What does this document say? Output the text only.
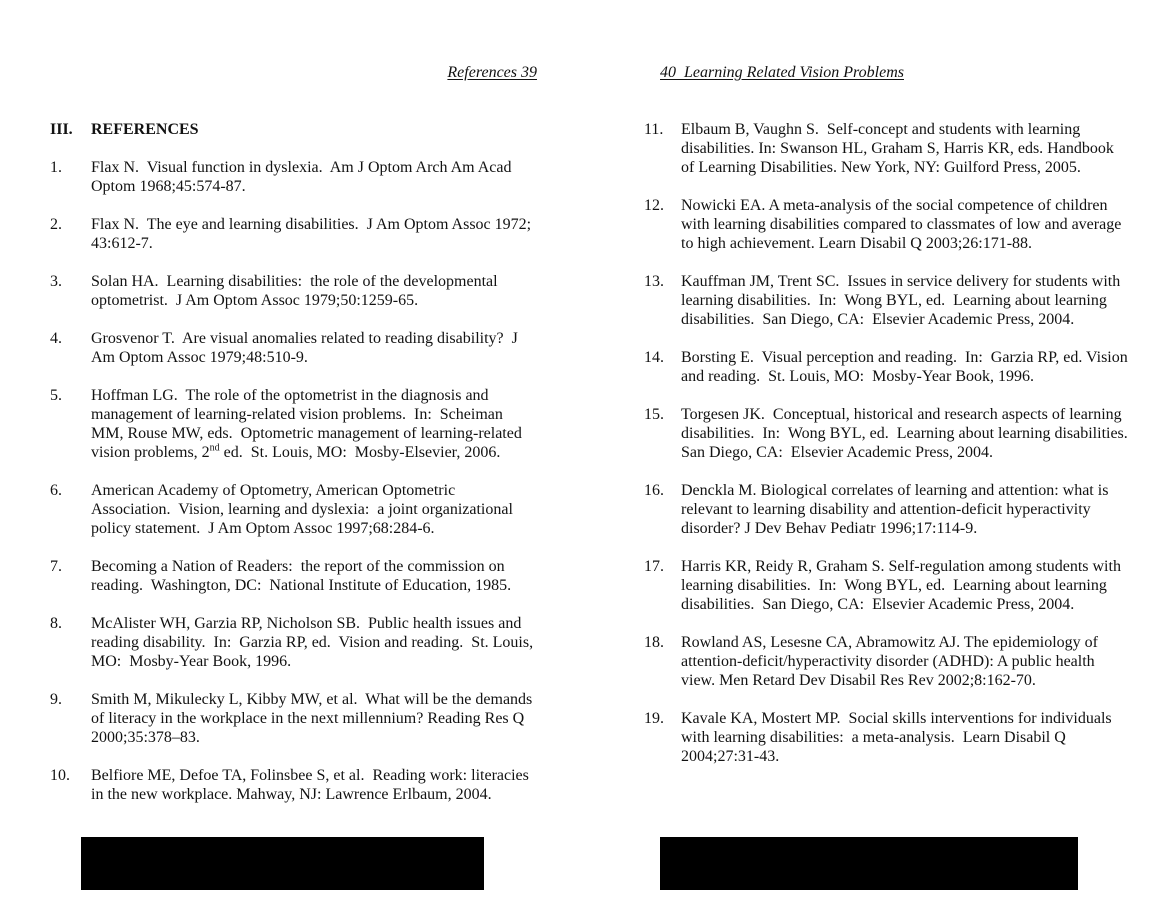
References 39

III.	REFERENCES
1.	Flax N.  Visual function in dyslexia.  Am J Optom Arch Am Acad Optom 1968;45:574-87.
2.	Flax N.  The eye and learning disabilities.  J Am Optom Assoc 1972; 43:612-7.
3.	Solan HA.  Learning disabilities:  the role of the developmental optometrist.  J Am Optom Assoc 1979;50:1259-65.
4.	Grosvenor T.  Are visual anomalies related to reading disability?  J Am Optom Assoc 1979;48:510-9.
5.	Hoffman LG.  The role of the optometrist in the diagnosis and management of learning-related vision problems.  In:  Scheiman MM, Rouse MW, eds.  Optometric management of learning-related vision problems, 2nd ed.  St. Louis, MO:  Mosby-Elsevier, 2006.
6.	American Academy of Optometry, American Optometric Association.  Vision, learning and dyslexia:  a joint organizational policy statement.  J Am Optom Assoc 1997;68:284-6.
7.	Becoming a Nation of Readers:  the report of the commission on reading.  Washington, DC:  National Institute of Education, 1985.
8.	McAlister WH, Garzia RP, Nicholson SB.  Public health issues and reading disability.  In:  Garzia RP, ed.  Vision and reading.  St. Louis, MO:  Mosby-Year Book, 1996.
9.	Smith M, Mikulecky L, Kibby MW, et al.  What will be the demands of literacy in the workplace in the next millennium? Reading Res Q 2000;35:378–83.
10.	Belfiore ME, Defoe TA, Folinsbee S, et al.  Reading work: literacies in the new workplace. Mahway, NJ: Lawrence Erlbaum, 2004.

40  Learning Related Vision Problems

11.	Elbaum B, Vaughn S.  Self-concept and students with learning disabilities. In: Swanson HL, Graham S, Harris KR, eds. Handbook of Learning Disabilities. New York, NY: Guilford Press, 2005.
12.	Nowicki EA. A meta-analysis of the social competence of children with learning disabilities compared to classmates of low and average to high achievement. Learn Disabil Q 2003;26:171-88.
13.	Kauffman JM, Trent SC.  Issues in service delivery for students with learning disabilities.  In:  Wong BYL, ed.  Learning about learning disabilities.  San Diego, CA:  Elsevier Academic Press, 2004.
14.	Borsting E.  Visual perception and reading.  In:  Garzia RP, ed. Vision and reading.  St. Louis, MO:  Mosby-Year Book, 1996.
15.	Torgesen JK.  Conceptual, historical and research aspects of learning disabilities.  In:  Wong BYL, ed.  Learning about learning disabilities.  San Diego, CA:  Elsevier Academic Press, 2004.
16.	Denckla M. Biological correlates of learning and attention: what is relevant to learning disability and attention-deficit hyperactivity disorder? J Dev Behav Pediatr 1996;17:114-9.
17.	Harris KR, Reidy R, Graham S. Self-regulation among students with learning disabilities.  In:  Wong BYL, ed.  Learning about learning disabilities.  San Diego, CA:  Elsevier Academic Press, 2004.
18.	Rowland AS, Lesesne CA, Abramowitz AJ. The epidemiology of attention-deficit/hyperactivity disorder (ADHD): A public health view. Men Retard Dev Disabil Res Rev 2002;8:162-70.
19.	Kavale KA, Mostert MP.  Social skills interventions for individuals with learning disabilities:  a meta-analysis.  Learn Disabil Q 2004;27:31-43.
